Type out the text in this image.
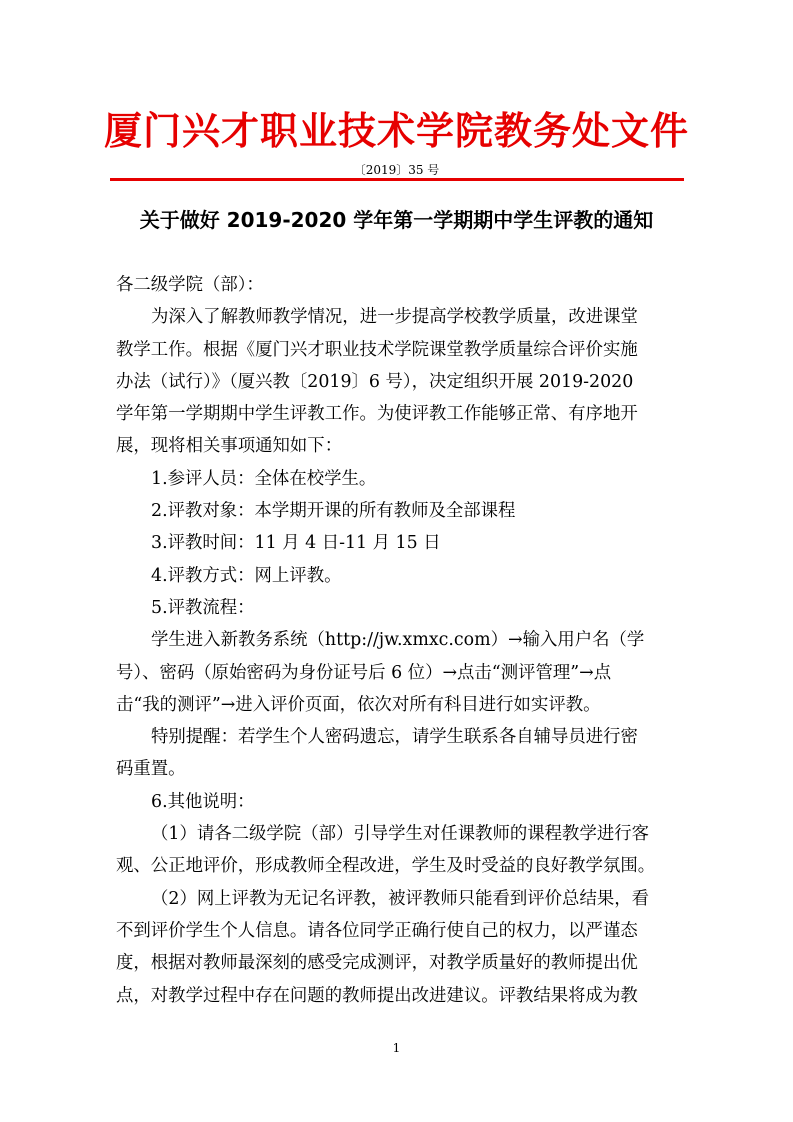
厦门兴才职业技术学院教务处文件
〔2019〕35 号
关于做好 2019-2020 学年第一学期期中学生评教的通知
各二级学院（部）：
为深入了解教师教学情况，进一步提高学校教学质量，改进课堂
教学工作。根据《厦门兴才职业技术学院课堂教学质量综合评价实施
办法（试行）》（厦兴教〔2019〕6 号），决定组织开展 2019-2020
学年第一学期期中学生评教工作。为使评教工作能够正常、有序地开
展，现将相关事项通知如下：
1.参评人员：全体在校学生。
2.评教对象：本学期开课的所有教师及全部课程
3.评教时间：11 月 4 日-11 月 15 日
4.评教方式：网上评教。
5.评教流程：
学生进入新教务系统（http://jw.xmxc.com）→输入用户名（学
号）、密码（原始密码为身份证号后 6 位）→点击“测评管理”→点
击“我的测评”→进入评价页面，依次对所有科目进行如实评教。
特别提醒：若学生个人密码遗忘，请学生联系各自辅导员进行密
码重置。
6.其他说明：
（1）请各二级学院（部）引导学生对任课教师的课程教学进行客
观、公正地评价，形成教师全程改进，学生及时受益的良好教学氛围。
（2）网上评教为无记名评教，被评教师只能看到评价总结果，看
不到评价学生个人信息。请各位同学正确行使自己的权力，以严谨态
度，根据对教师最深刻的感受完成测评，对教学质量好的教师提出优
点，对教学过程中存在问题的教师提出改进建议。评教结果将成为教
1
